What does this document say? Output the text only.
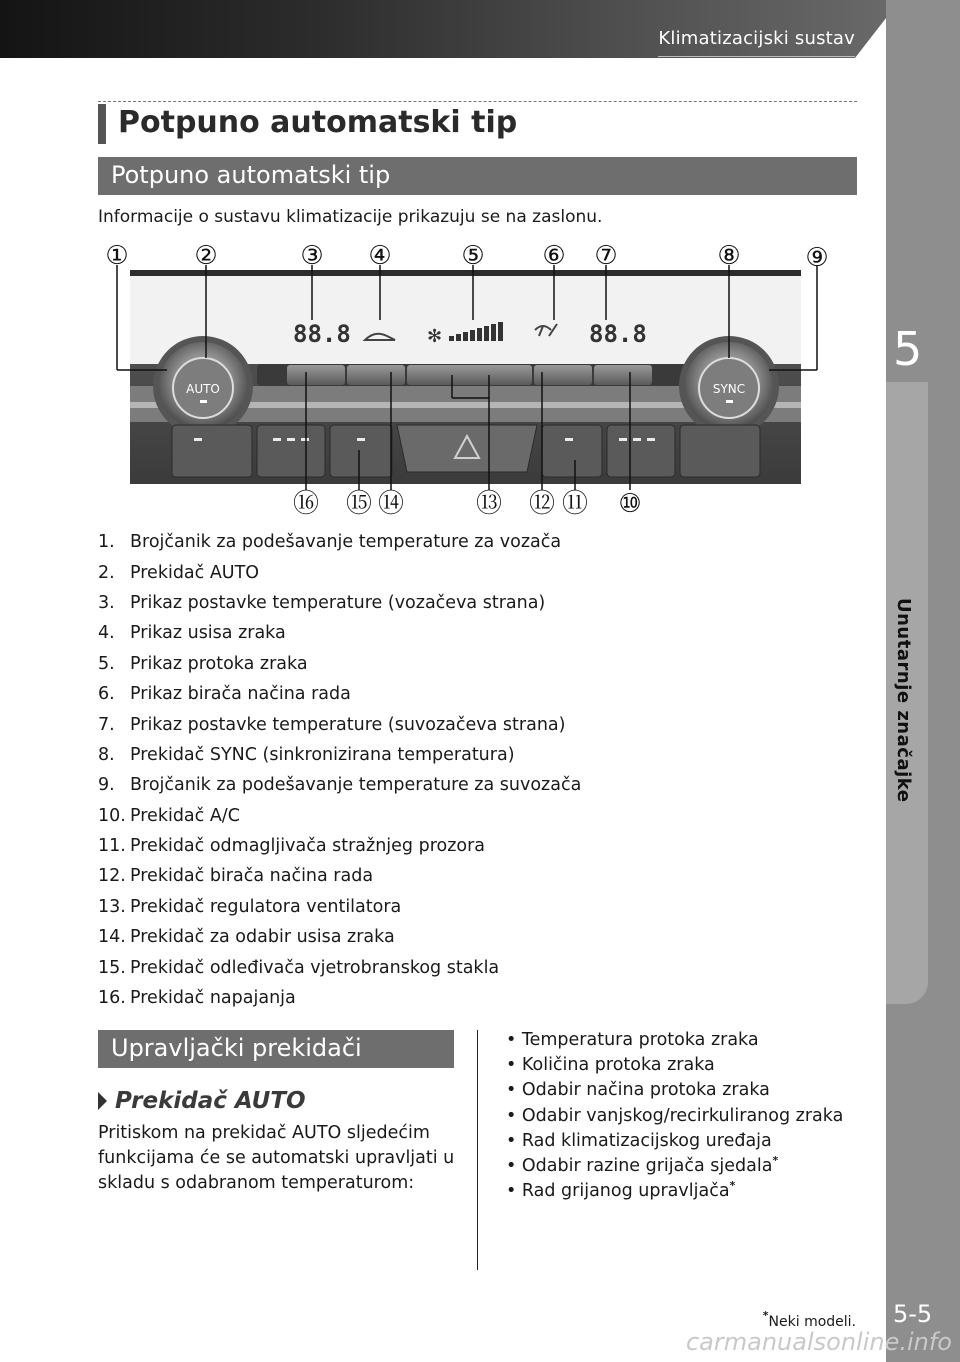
Klimatizacijski sustav
5
Unutarnje značajke
5-5
Potpuno automatski tip
Potpuno automatski tip
Informacije o sustavu klimatizacije prikazuju se na zaslonu.
88.8	✻	88.8
AUTO	SYNC
①	②	③ ④	⑤ ⑥ ⑦	⑧ ⑨
⑩
⑪
⑫
⑬
⑭
⑮
⑯
1. Brojčanik za podešavanje temperature za vozača
2. Prekidač AUTO
3. Prikaz postavke temperature (vozačeva strana)
4. Prikaz usisa zraka
5. Prikaz protoka zraka
6. Prikaz birača načina rada
7. Prikaz postavke temperature (suvozačeva strana)
8. Prekidač SYNC (sinkronizirana temperatura)
9. Brojčanik za podešavanje temperature za suvozača
10. Prekidač A/C
11. Prekidač odmagljivača stražnjeg prozora
12. Prekidač birača načina rada
13. Prekidač regulatora ventilatora
14. Prekidač za odabir usisa zraka
15. Prekidač odleđivača vjetrobranskog stakla
16. Prekidač napajanja
Upravljački prekidači
Prekidač AUTO
Pritiskom na prekidač AUTO sljedećim funkcijama će se automatski upravljati u skladu s odabranom temperaturom:
• Temperatura protoka zraka
• Količina protoka zraka
• Odabir načina protoka zraka
• Odabir vanjskog/recirkuliranog zraka
• Rad klimatizacijskog uređaja
• Odabir razine grijača sjedala*
• Rad grijanog upravljača*
*Neki modeli.
carmanualsonline.info
